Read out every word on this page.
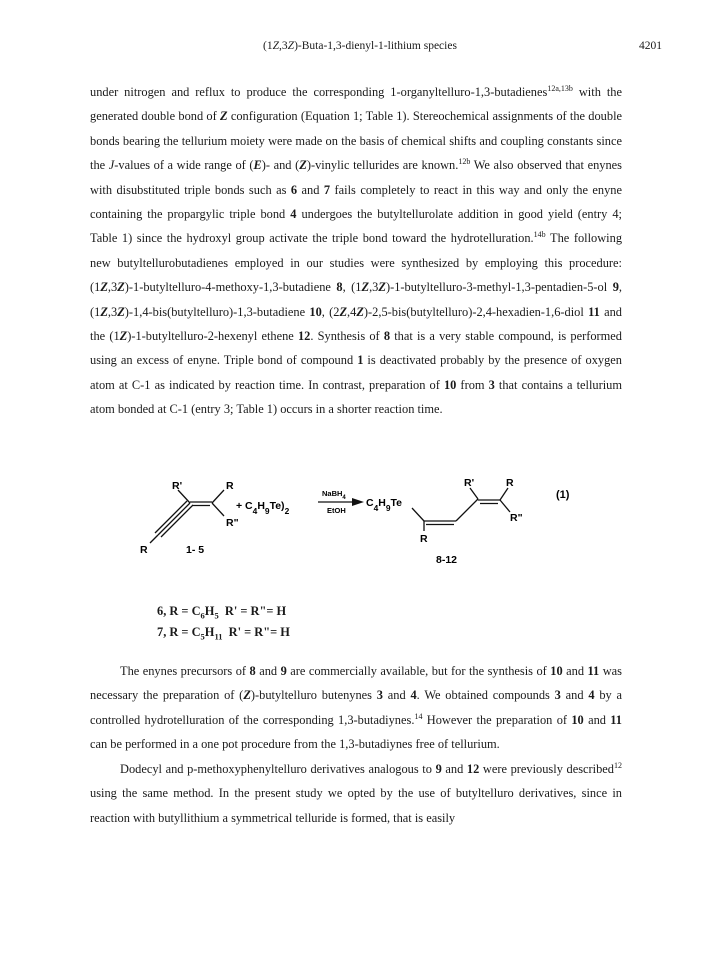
(1Z,3Z)-Buta-1,3-dienyl-1-lithium species	4201

under nitrogen and reflux to produce the corresponding 1-organyltelluro-1,3-butadienes$^{12a,13b}$ with the generated double bond of Z configuration (Equation 1; Table 1). Stereochemical assignments of the double bonds bearing the tellurium moiety were made on the basis of chemical shifts and coupling constants since the J-values of a wide range of (E)- and (Z)-vinylic tellurides are known.$^{12b}$ We also observed that enynes with disubstituted triple bonds such as 6 and 7 fails completely to react in this way and only the enyne containing the propargylic triple bond 4 undergoes the butyltellurolate addition in good yield (entry 4; Table 1) since the hydroxyl group activate the triple bond toward the hydrotelluration.$^{14b}$ The following new butyltellurobutadienes employed in our studies were synthesized by employing this procedure: (1Z,3Z)-1-butyltelluro-4-methoxy-1,3-butadiene 8, (1Z,3Z)-1-butyltelluro-3-methyl-1,3-pentadien-5-ol 9, (1Z,3Z)-1,4-bis(butyltelluro)-1,3-butadiene 10, (2Z,4Z)-2,5-bis(butyltelluro)-2,4-hexadien-1,6-diol 11 and the (1Z)-1-butyltelluro-2-hexenyl ethene 12. Synthesis of 8 that is a very stable compound, is performed using an excess of enyne. Triple bond of compound 1 is deactivated probably by the presence of oxygen atom at C-1 as indicated by reaction time. In contrast, preparation of 10 from 3 that contains a tellurium atom bonded at C-1 (entry 3; Table 1) occurs in a shorter reaction time.

R'	R
R"
R	1- 5
+ $C_4H_9Te)_2$
NaBH$_4$
EtOH
$C_4H_9Te$
R'	R
R"
R
8-12
(1)
6, $R = C_6H_5$  R' = R"= H
7, $R = C_5H_{11}$  R' = R"= H

The enynes precursors of 8 and 9 are commercially available, but for the synthesis of 10 and 11 was necessary the preparation of (Z)-butyltelluro butenynes 3 and 4. We obtained compounds 3 and 4 by a controlled hydrotelluration of the corresponding 1,3-butadiynes.$^{14}$ However the preparation of 10 and 11 can be performed in a one pot procedure from the 1,3-butadiynes free of tellurium.

Dodecyl and p-methoxyphenyltelluro derivatives analogous to 9 and 12 were previously described$^{12}$ using the same method. In the present study we opted by the use of butyltelluro derivatives, since in reaction with butyllithium a symmetrical telluride is formed, that is easily
